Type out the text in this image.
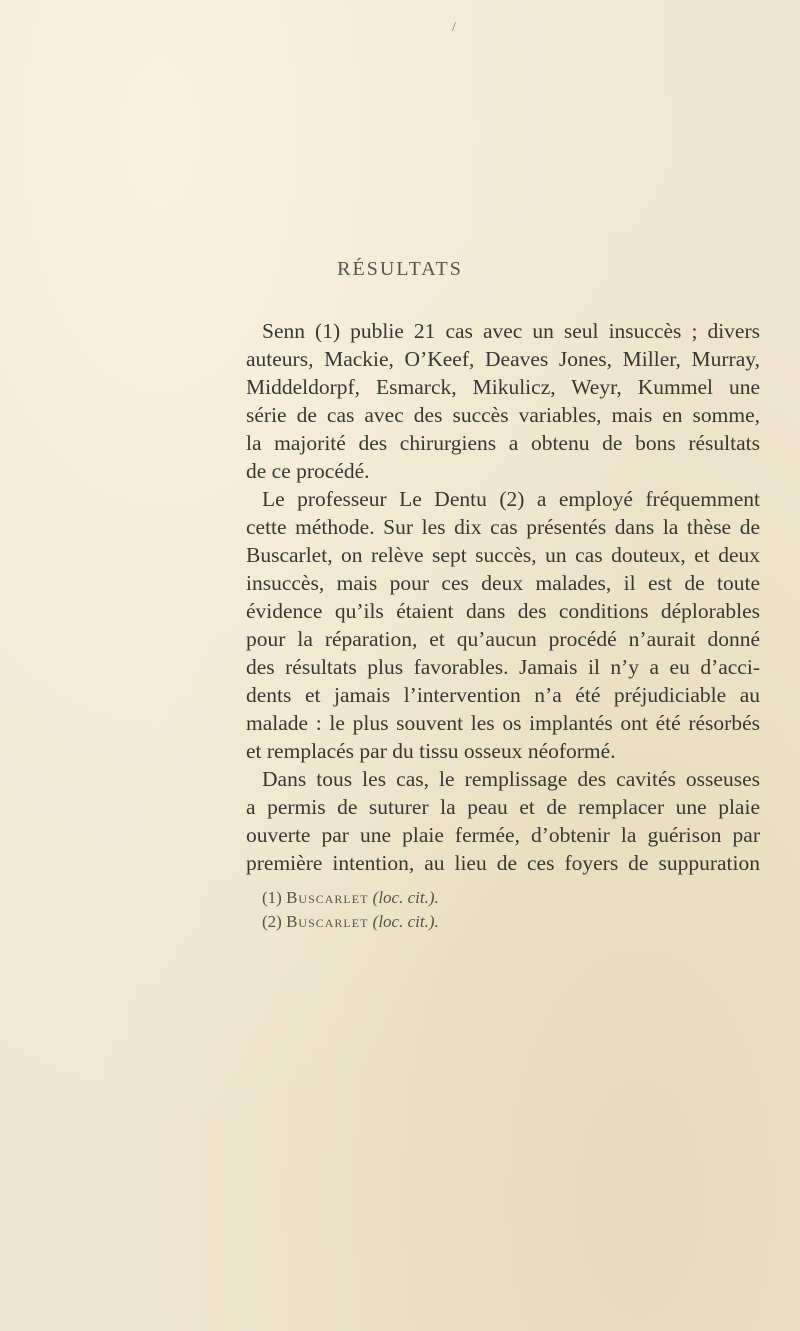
/
RÉSULTATS
Senn (1) publie 21 cas avec un seul insuccès ; divers
auteurs, Mackie, O’Keef, Deaves Jones, Miller, Murray,
Middeldorpf, Esmarck, Mikulicz, Weyr, Kummel une
série de cas avec des succès variables, mais en somme,
la majorité des chirurgiens a obtenu de bons résultats
de ce procédé.
Le professeur Le Dentu (2) a employé fréquemment
cette méthode. Sur les dix cas présentés dans la thèse de
Buscarlet, on relève sept succès, un cas douteux, et deux
insuccès, mais pour ces deux malades, il est de toute
évidence qu’ils étaient dans des conditions déplorables
pour la réparation, et qu’aucun procédé n’aurait donné
des résultats plus favorables. Jamais il n’y a eu d’acci-
dents et jamais l’intervention n’a été préjudiciable au
malade : le plus souvent les os implantés ont été résorbés
et remplacés par du tissu osseux néoformé.
Dans tous les cas, le remplissage des cavités osseuses
a permis de suturer la peau et de remplacer une plaie
ouverte par une plaie fermée, d’obtenir la guérison par
première intention, au lieu de ces foyers de suppuration
(1) Buscarlet (loc. cit.).
(2) Buscarlet (loc. cit.).
